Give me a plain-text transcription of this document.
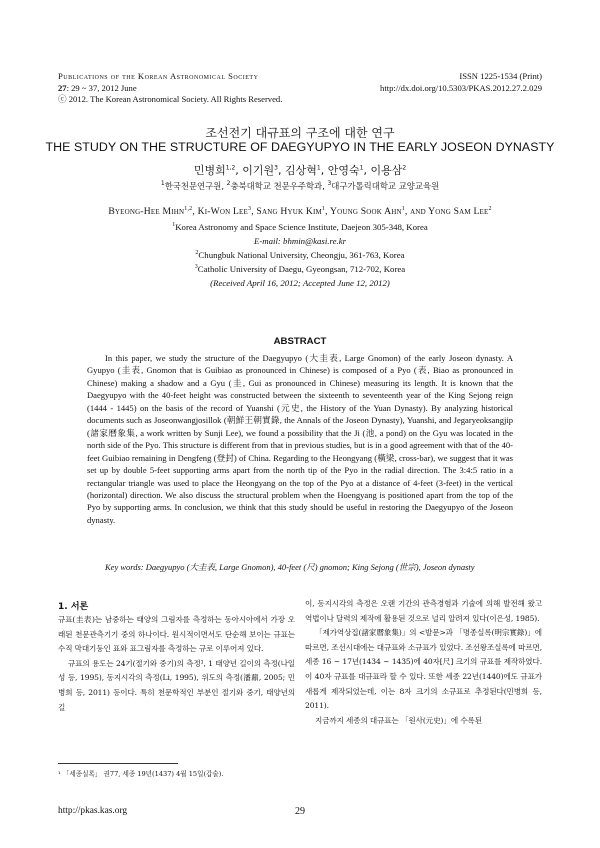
Publications of the Korean Astronomical Society
27: 29 ~ 37, 2012 June
ⓒ 2012. The Korean Astronomical Society. All Rights Reserved.
ISSN 1225-1534 (Print)
http://dx.doi.org/10.5303/PKAS.2012.27.2.029
조선전기 대규표의 구조에 대한 연구
THE STUDY ON THE STRUCTURE OF DAEGYUPYO IN THE EARLY JOSEON DYNASTY
민병희$^{1,2}$, 이기원$^3$, 김상혁$^1$, 안영숙$^1$, 이용삼$^2$
$^1$한국천문연구원, $^2$충북대학교 천문우주학과, $^3$대구가톨릭대학교 교양교육원
Byeong-Hee Mihn$^{1,2}$, Ki-Won Lee$^3$, Sang Hyuk Kim$^1$, Young Sook Ahn$^1$, and Yong Sam Lee$^2$
$^1$Korea Astronomy and Space Science Institute, Daejeon 305-348, Korea
E-mail: bhmin@kasi.re.kr
$^2$Chungbuk National University, Cheongju, 361-763, Korea
$^3$Catholic University of Daegu, Gyeongsan, 712-702, Korea
(Received April 16, 2012; Accepted June 12, 2012)
ABSTRACT

In this paper, we study the structure of the Daegyupyo (大圭表, Large Gnomon) of the early Joseon dynasty. A Gyupyo (圭表, Gnomon that is Guibiao as pronounced in Chinese) is composed of a Pyo (表, Biao as pronounced in Chinese) making a shadow and a Gyu (圭, Gui as pronounced in Chinese) measuring its length. It is known that the Daegyupyo with the 40-feet height was constructed between the sixteenth to seventeenth year of the King Sejong reign (1444 - 1445) on the basis of the record of Yuanshi (元史, the History of the Yuan Dynasty). By analyzing historical documents such as Joseonwangjosillok (朝鮮王朝實錄, the Annals of the Joseon Dynasty), Yuanshi, and Jegaryeoksangjip (諸家曆象集, a work written by Sunji Lee), we found a possibility that the Ji (池, a pond) on the Gyu was located in the north side of the Pyo. This structure is different from that in previous studies, but is in a good agreement with that of the 40-feet Guibiao remaining in Dengfeng (登封) of China. Regarding to the Heongyang (橫梁, cross-bar), we suggest that it was set up by double 5-feet supporting arms apart from the north tip of the Pyo in the radial direction. The 3:4:5 ratio in a rectangular triangle was used to place the Heongyang on the top of the Pyo at a distance of 4-feet (3-feet) in the vertical (horizontal) direction. We also discuss the structural problem when the Hoengyang is positioned apart from the top of the Pyo by supporting arms. In conclusion, we think that this study should be useful in restoring the Daegyupyo of the Joseon dynasty.

Key words: Daegyupyo (大圭表, Large Gnomon), 40-feet (尺) gnomon; King Sejong (世宗), Joseon dynasty

1. 서론

규표(圭表)는 남중하는 태양의 그림자를 측정하는 동아시아에서 가장 오래된 천문관측기기 중의 하나이다. 원시적이면서도 단순해 보이는 규표는 수직 막대기둥인 표와 표그림자를 측정하는 규로 이루어져 있다.

규표의 용도는 24기(절기와 중기)의 측정¹, 1 태양년 길이의 측정(나일성 등, 1995), 동지시각의 측정(Li, 1995), 위도의 측정(潘鼐, 2005; 민병희 등, 2011) 등이다. 특히 천문학적인 부분인 절기와 중기, 태양년의 길

이, 동지시각의 측정은 오랜 기간의 관측경험과 기술에 의해 발전해 왔고 역법이나 달력의 제작에 활용된 것으로 널리 알려져 있다(이은성, 1985).

「제가역상집(諸家曆象集)」의 <발문>과 「명종실록(明宗實錄)」에 따르면, 조선시대에는 대규표와 소규표가 있었다. 조선왕조실록에 따르면, 세종 16 ~ 17년(1434 ~ 1435)에 40자[尺] 크기의 규표를 제작하였다. 이 40자 규표를 대규표라 할 수 있다. 또한 세종 22년(1440)에도 규표가 새롭게 제작되었는데, 이는 8자 크기의 소규표로 추정된다(민병희 등, 2011).

지금까지 세종의 대규표는 「원사(元史)」에 수록된

¹ 「세종실록」 권77, 세종 19년(1437) 4월 15일(갑술).
http://pkas.kas.org	29
